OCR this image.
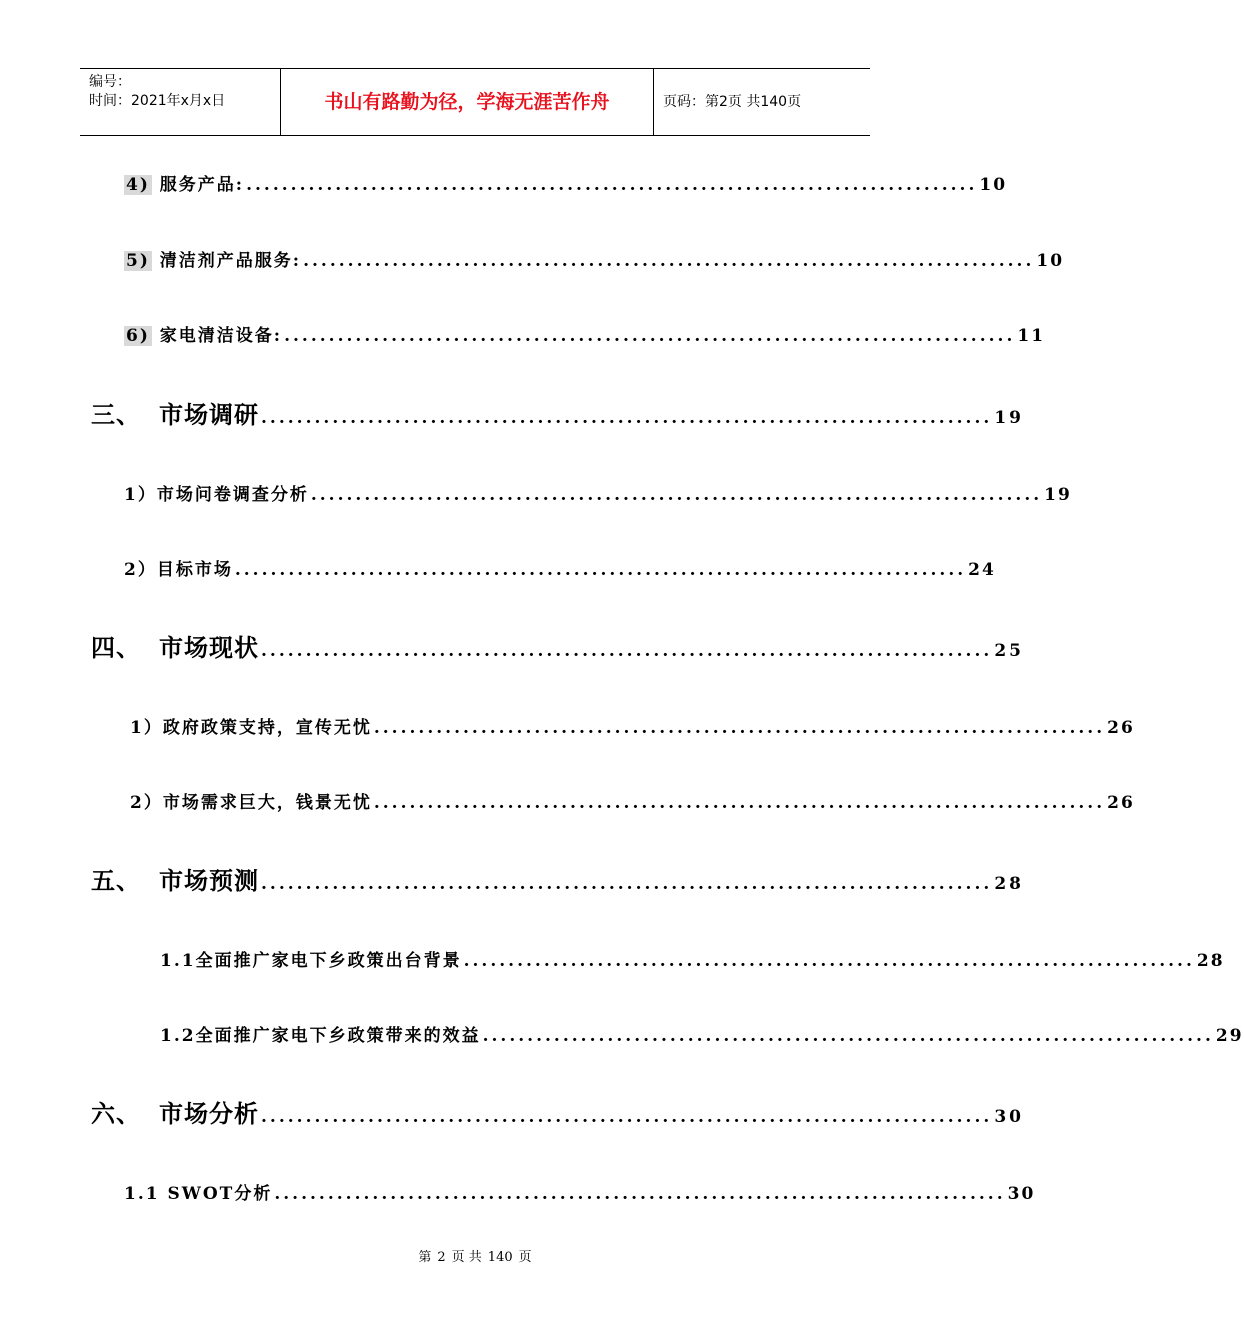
编号：
时间：2021年x月x日	书山有路勤为径，学海无涯苦作舟	页码：第2页 共140页
4) 服务产品: .................................................................................. 10
5) 清洁剂产品服务: .................................................................................. 10
6) 家电清洁设备: .................................................................................. 11
三、 市场调研 .................................................................................. 19
1）市场问卷调查分析 .................................................................................. 19
2）目标市场 .................................................................................. 24
四、 市场现状 .................................................................................. 25
1）政府政策支持，宣传无忧 .................................................................................. 26
2）市场需求巨大，钱景无忧 .................................................................................. 26
五、 市场预测 .................................................................................. 28
1.1全面推广家电下乡政策出台背景 .................................................................................. 28
1.2全面推广家电下乡政策带来的效益 .................................................................................. 29
六、 市场分析 .................................................................................. 30
1.1 SWOT分析 .................................................................................. 30
第 2 页 共 140 页
